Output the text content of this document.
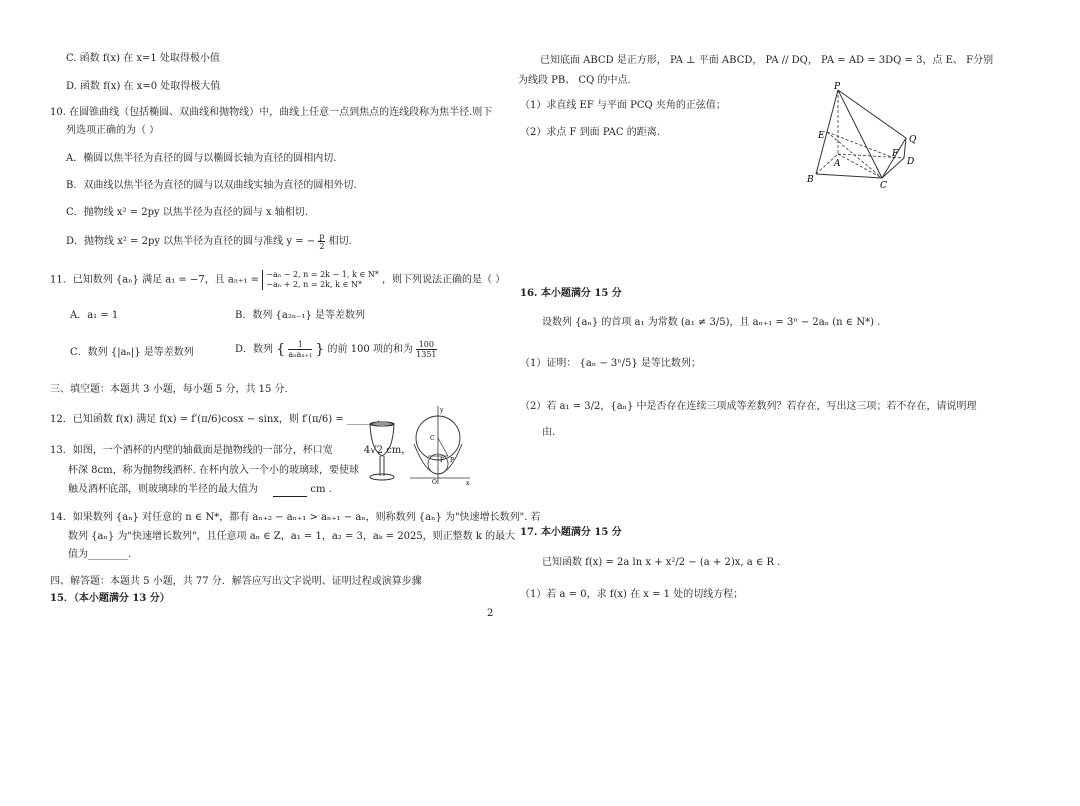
C. 函数 f(x) 在 x=1 处取得极小值
D. 函数 f(x) 在 x=0 处取得极大值
10. 在圆锥曲线（包括椭圆、双曲线和抛物线）中，曲线上任意一点到焦点的连线段称为焦半径.则下
列选项正确的为（ ）
A．椭圆以焦半径为直径的圆与以椭圆长轴为直径的圆相内切.
B．双曲线以焦半径为直径的圆与以双曲线实轴为直径的圆相外切.
C．抛物线 x² = 2py 以焦半径为直径的圆与 x 轴相切.
D．抛物线 x² = 2py 以焦半径为直径的圆与准线 y = − $\frac{p}{2}$ 相切.
11．已知数列 {aₙ} 满足 a₁ = −7，且 aₙ₊₁ = −aₙ − 2, n = 2k − 1, k ∈ N*
−aₙ + 2, n = 2k, k ∈ N*	，则下列说法正确的是（ ）
A．a₁ = 1	B．数列 {a₂ₙ₋₁} 是等差数列
C．数列 {|aₙ|} 是等差数列	D．数列 { $\frac{1}{\text{aₙaₙ₊₁}}$ } 的前 100 项的和为 $\frac{100}{1351}$
三、填空题：本题共 3 小题，每小题 5 分，共 15 分.
12．已知函数 f(x) 满足 f(x) = f′(π/6)cosx − sinx，则 f′(π/6) = ______.
13．如图，一个酒杯的内壁的轴截面是抛物线的一部分，杯口宽	4√2 cm，
杯深 8cm，称为抛物线酒杯. 在杯内放入一个小的玻璃球，要使球
触及酒杯底部，则玻璃球的半径的最大值为	cm .
14．如果数列 {aₙ} 对任意的 n ∈ N*，都有 aₙ₊₂ − aₙ₊₁ > aₙ₊₁ − aₙ，则称数列 {aₙ} 为"快速增长数列". 若
数列 {aₙ} 为"快速增长数列"，且任意项 aₙ ∈ Z，a₁ = 1，a₂ = 3，aₖ = 2025，则正整数 k 的最大
值为________.
四、解答题：本题共 5 小题，共 77 分．解答应写出文字说明、证明过程或演算步骤
15．（本小题满分 13 分）
C
O
F P
x
y
2
已知底面 ABCD 是正方形， PA ⊥ 平面 ABCD， PA // DQ， PA = AD = 3DQ = 3，点 E、 F分别
为线段 PB、 CQ 的中点.
（1）求直线 EF 与平面 PCQ 夹角的正弦值；
（2）求点 F 到面 PAC 的距离.
P
E	Q
F
D
A
B
C
16. 本小题满分 15 分
设数列 {aₙ} 的首项 a₁ 为常数 (a₁ ≠ 3/5)，且 aₙ₊₁ = 3ⁿ − 2aₙ (n ∈ N*) .
（1）证明： {aₙ − 3ⁿ/5} 是等比数列；
（2）若 a₁ = 3/2，{aₙ} 中是否存在连续三项成等差数列？若存在，写出这三项；若不存在，请说明理
由.
17. 本小题满分 15 分
已知函数 f(x) = 2a ln x + x²/2 − (a + 2)x, a ∈ R .
（1）若 a = 0，求 f(x) 在 x = 1 处的切线方程；
